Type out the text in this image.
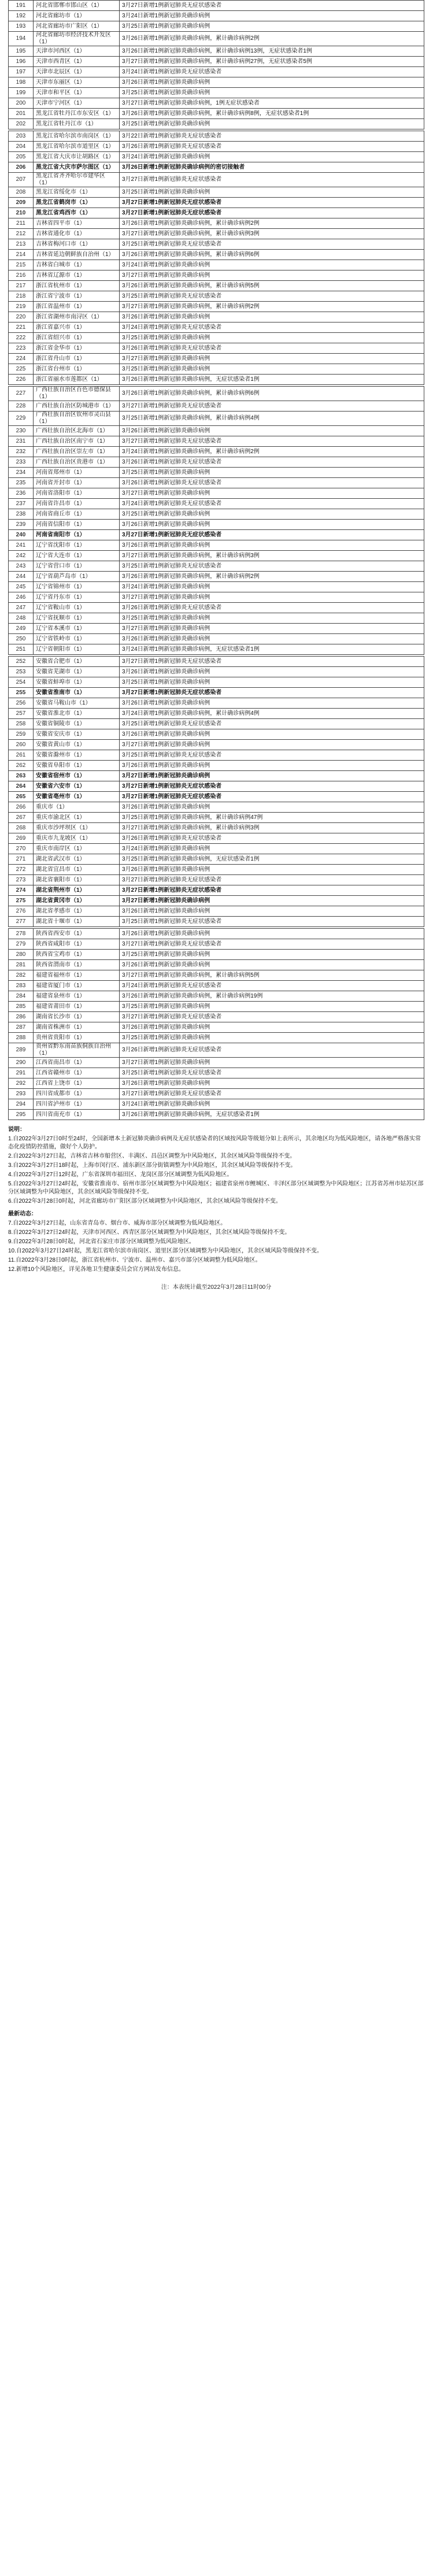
191	河北省邯郸市邯山区（1）	3月27日新增1例新冠肺炎无症状感染者
192	河北省廊坊市（1）	3月24日新增1例新冠肺炎确诊病例
193	河北省廊坊市广阳区（1）	3月25日新增1例新冠肺炎确诊病例
194	河北省廊坊市经济技术开发区（1）	3月26日新增1例新冠肺炎确诊病例，累计确诊病例2例
195	天津市河西区（1）	3月26日新增1例新冠肺炎确诊病例，累计确诊病例13例，无症状感染者1例
196	天津市西青区（1）	3月27日新增1例新冠肺炎确诊病例，累计确诊病例27例，无症状感染者5例
197	天津市北辰区（1）	3月24日新增1例新冠肺炎无症状感染者
198	天津市东丽区（1）	3月26日新增1例新冠肺炎确诊病例
199	天津市和平区（1）	3月25日新增1例新冠肺炎确诊病例
200	天津市宁河区（1）	3月27日新增1例新冠肺炎确诊病例，1例无症状感染者
201	黑龙江省牡丹江市东安区（1）	3月26日新增1例新冠肺炎确诊病例，累计确诊病例8例，无症状感染者1例
202	黑龙江省牡丹江市（1）	3月25日新增1例新冠肺炎确诊病例

203	黑龙江省哈尔滨市南岗区（1）	3月22日新增1例新冠肺炎无症状感染者
204	黑龙江省哈尔滨市道里区（1）	3月26日新增1例新冠肺炎无症状感染者
205	黑龙江省大庆市让胡路区（1）	3月24日新增1例新冠肺炎确诊病例
206	黑龙江省大庆市萨尔图区（1）	3月26日新增1例新冠肺炎确诊病例的密切接触者
207	黑龙江省齐齐哈尔市建华区（1）	3月27日新增1例新冠肺炎无症状感染者
208	黑龙江省绥化市（1）	3月25日新增1例新冠肺炎确诊病例
209	黑龙江省鹤岗市（1）	3月27日新增1例新冠肺炎无症状感染者
210	黑龙江省鸡西市（1）	3月27日新增1例新冠肺炎无症状感染者
211	吉林省四平市（1）	3月26日新增1例新冠肺炎确诊病例，累计确诊病例2例
212	吉林省通化市（1）	3月27日新增1例新冠肺炎确诊病例，累计确诊病例3例
213	吉林省梅河口市（1）	3月25日新增1例新冠肺炎无症状感染者
214	吉林省延边朝鲜族自治州（1）	3月26日新增1例新冠肺炎确诊病例，累计确诊病例6例
215	吉林省白城市（1）	3月24日新增1例新冠肺炎确诊病例
216	吉林省辽源市（1）	3月27日新增1例新冠肺炎确诊病例
217	浙江省杭州市（1）	3月26日新增1例新冠肺炎确诊病例，累计确诊病例5例
218	浙江省宁波市（1）	3月25日新增1例新冠肺炎无症状感染者
219	浙江省温州市（1）	3月27日新增1例新冠肺炎确诊病例，累计确诊病例2例
220	浙江省湖州市南浔区（1）	3月26日新增1例新冠肺炎确诊病例
221	浙江省嘉兴市（1）	3月24日新增1例新冠肺炎无症状感染者
222	浙江省绍兴市（1）	3月25日新增1例新冠肺炎确诊病例
223	浙江省金华市（1）	3月26日新增1例新冠肺炎无症状感染者
224	浙江省舟山市（1）	3月27日新增1例新冠肺炎确诊病例
225	浙江省台州市（1）	3月25日新增1例新冠肺炎确诊病例
226	浙江省丽水市莲都区（1）	3月26日新增1例新冠肺炎确诊病例，无症状感染者1例

227	广西壮族自治区百色市德保县（1）	3月26日新增1例新冠肺炎确诊病例，累计确诊病例6例
228	广西壮族自治区防城港市（1）	3月27日新增1例新冠肺炎无症状感染者
229	广西壮族自治区钦州市灵山县（1）	3月25日新增1例新冠肺炎确诊病例，累计确诊病例4例
230	广西壮族自治区北海市（1）	3月26日新增1例新冠肺炎确诊病例
231	广西壮族自治区南宁市（1）	3月27日新增1例新冠肺炎无症状感染者
232	广西壮族自治区崇左市（1）	3月24日新增1例新冠肺炎确诊病例，累计确诊病例2例
233	广西壮族自治区贵港市（1）	3月26日新增1例新冠肺炎无症状感染者
234	河南省郑州市（1）	3月25日新增1例新冠肺炎确诊病例
235	河南省开封市（1）	3月26日新增1例新冠肺炎无症状感染者
236	河南省洛阳市（1）	3月27日新增1例新冠肺炎确诊病例
237	河南省许昌市（1）	3月24日新增1例新冠肺炎无症状感染者
238	河南省商丘市（1）	3月25日新增1例新冠肺炎确诊病例
239	河南省信阳市（1）	3月26日新增1例新冠肺炎确诊病例
240	河南省南阳市（1）	3月27日新增1例新冠肺炎无症状感染者
241	辽宁省沈阳市（1）	3月26日新增1例新冠肺炎确诊病例
242	辽宁省大连市（1）	3月27日新增1例新冠肺炎确诊病例，累计确诊病例3例
243	辽宁省营口市（1）	3月25日新增1例新冠肺炎无症状感染者
244	辽宁省葫芦岛市（1）	3月26日新增1例新冠肺炎确诊病例，累计确诊病例2例
245	辽宁省锦州市（1）	3月24日新增1例新冠肺炎确诊病例
246	辽宁省丹东市（1）	3月27日新增1例新冠肺炎确诊病例
247	辽宁省鞍山市（1）	3月26日新增1例新冠肺炎无症状感染者
248	辽宁省抚顺市（1）	3月25日新增1例新冠肺炎确诊病例
249	辽宁省本溪市（1）	3月27日新增1例新冠肺炎确诊病例
250	辽宁省铁岭市（1）	3月26日新增1例新冠肺炎确诊病例
251	辽宁省朝阳市（1）	3月24日新增1例新冠肺炎确诊病例，无症状感染者1例

252	安徽省合肥市（1）	3月27日新增1例新冠肺炎无症状感染者
253	安徽省芜湖市（1）	3月26日新增1例新冠肺炎确诊病例
254	安徽省蚌埠市（1）	3月25日新增1例新冠肺炎确诊病例
255	安徽省淮南市（1）	3月27日新增1例新冠肺炎无症状感染者
256	安徽省马鞍山市（1）	3月26日新增1例新冠肺炎确诊病例
257	安徽省淮北市（1）	3月24日新增1例新冠肺炎确诊病例，累计确诊病例4例
258	安徽省铜陵市（1）	3月25日新增1例新冠肺炎无症状感染者
259	安徽省安庆市（1）	3月26日新增1例新冠肺炎确诊病例
260	安徽省黄山市（1）	3月27日新增1例新冠肺炎确诊病例
261	安徽省滁州市（1）	3月25日新增1例新冠肺炎无症状感染者
262	安徽省阜阳市（1）	3月26日新增1例新冠肺炎确诊病例
263	安徽省宿州市（1）	3月27日新增1例新冠肺炎确诊病例
264	安徽省六安市（1）	3月27日新增1例新冠肺炎无症状感染者
265	安徽省亳州市（1）	3月27日新增1例新冠肺炎无症状感染者
266	重庆市（1）	3月26日新增1例新冠肺炎确诊病例
267	重庆市渝北区（1）	3月25日新增1例新冠肺炎确诊病例，累计确诊病例47例
268	重庆市沙坪坝区（1）	3月27日新增1例新冠肺炎确诊病例，累计确诊病例3例
269	重庆市九龙坡区（1）	3月26日新增1例新冠肺炎无症状感染者
270	重庆市南岸区（1）	3月24日新增1例新冠肺炎确诊病例
271	湖北省武汉市（1）	3月25日新增1例新冠肺炎确诊病例，无症状感染者1例
272	湖北省宜昌市（1）	3月26日新增1例新冠肺炎确诊病例
273	湖北省襄阳市（1）	3月27日新增1例新冠肺炎无症状感染者
274	湖北省荆州市（1）	3月27日新增1例新冠肺炎无症状感染者
275	湖北省黄冈市（1）	3月27日新增1例新冠肺炎确诊病例
276	湖北省孝感市（1）	3月26日新增1例新冠肺炎确诊病例
277	湖北省十堰市（1）	3月25日新增1例新冠肺炎无症状感染者

278	陕西省西安市（1）	3月26日新增1例新冠肺炎确诊病例
279	陕西省咸阳市（1）	3月27日新增1例新冠肺炎无症状感染者
280	陕西省宝鸡市（1）	3月25日新增1例新冠肺炎确诊病例
281	陕西省渭南市（1）	3月26日新增1例新冠肺炎确诊病例
282	福建省福州市（1）	3月27日新增1例新冠肺炎确诊病例，累计确诊病例5例
283	福建省厦门市（1）	3月24日新增1例新冠肺炎无症状感染者
284	福建省泉州市（1）	3月26日新增1例新冠肺炎确诊病例，累计确诊病例19例
285	福建省莆田市（1）	3月25日新增1例新冠肺炎确诊病例
286	湖南省长沙市（1）	3月27日新增1例新冠肺炎无症状感染者
287	湖南省株洲市（1）	3月26日新增1例新冠肺炎确诊病例
288	贵州省贵阳市（1）	3月25日新增1例新冠肺炎确诊病例
289	贵州省黔东南苗族侗族自治州（1）	3月26日新增1例新冠肺炎无症状感染者
290	江西省南昌市（1）	3月27日新增1例新冠肺炎确诊病例
291	江西省赣州市（1）	3月25日新增1例新冠肺炎无症状感染者
292	江西省上饶市（1）	3月26日新增1例新冠肺炎确诊病例
293	四川省成都市（1）	3月27日新增1例新冠肺炎无症状感染者
294	四川省泸州市（1）	3月24日新增1例新冠肺炎确诊病例
295	四川省南充市（1）	3月26日新增1例新冠肺炎确诊病例，无症状感染者1例

说明：

1.自2022年3月27日0时至24时，全国新增本土新冠肺炎确诊病例及无症状感染者的区域按风险等级划分如上表所示，其余地区均为低风险地区，请各地严格落实常态化疫情防控措施，做好个人防护。

2.自2022年3月27日起，吉林省吉林市船营区、丰满区、昌邑区调整为中风险地区，其余区域风险等级保持不变。

3.自2022年3月27日18时起，上海市闵行区、浦东新区部分街镇调整为中风险地区，其余区域风险等级保持不变。

4.自2022年3月27日12时起，广东省深圳市福田区、龙岗区部分区域调整为低风险地区。

5.自2022年3月27日24时起，安徽省淮南市、宿州市部分区域调整为中风险地区；福建省泉州市鲤城区、丰泽区部分区域调整为中风险地区；江苏省苏州市姑苏区部分区域调整为中风险地区，其余区域风险等级保持不变。

6.自2022年3月28日0时起，河北省廊坊市广阳区部分区域调整为中风险地区，其余区域风险等级保持不变。

最新动态：

7.自2022年3月27日起，山东省青岛市、烟台市、威海市部分区域调整为低风险地区。

8.自2022年3月27日24时起，天津市河西区、西青区部分区域调整为中风险地区，其余区域风险等级保持不变。

9.自2022年3月28日0时起，河北省石家庄市部分区域调整为低风险地区。

10.自2022年3月27日24时起，黑龙江省哈尔滨市南岗区、道里区部分区域调整为中风险地区，其余区域风险等级保持不变。

11.自2022年3月28日0时起，浙江省杭州市、宁波市、温州市、嘉兴市部分区域调整为低风险地区。

12.新增10个风险地区，详见各地卫生健康委员会官方网站发布信息。

注：本表统计截至2022年3月28日11时00分
